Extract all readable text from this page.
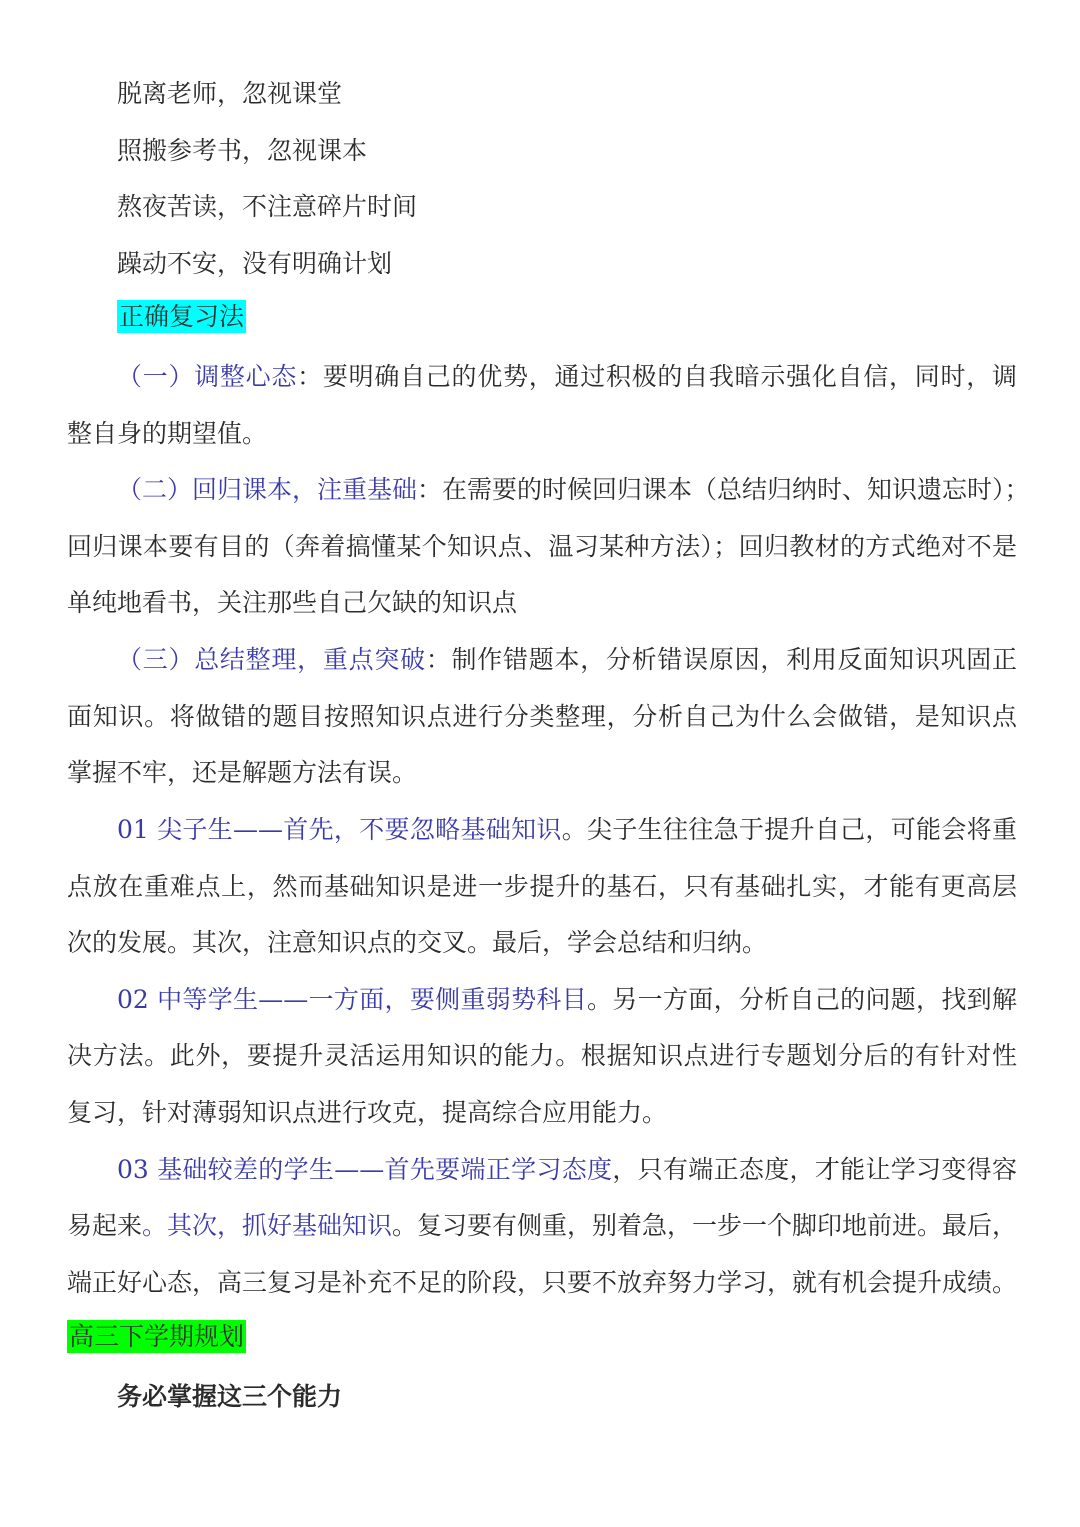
脱离老师，忽视课堂
照搬参考书，忽视课本
熬夜苦读，不注意碎片时间
躁动不安，没有明确计划
正确复习法
（一）调整心态：要明确自己的优势，通过积极的自我暗示强化自信，同时，调
整自身的期望值。
（二）回归课本，注重基础：在需要的时候回归课本（总结归纳时、知识遗忘时）；
回归课本要有目的（奔着搞懂某个知识点、温习某种方法）；回归教材的方式绝对不是
单纯地看书，关注那些自己欠缺的知识点
（三）总结整理，重点突破：制作错题本，分析错误原因，利用反面知识巩固正
面知识。将做错的题目按照知识点进行分类整理，分析自己为什么会做错，是知识点
掌握不牢，还是解题方法有误。
01 尖子生——首先，不要忽略基础知识。尖子生往往急于提升自己，可能会将重
点放在重难点上，然而基础知识是进一步提升的基石，只有基础扎实，才能有更高层
次的发展。其次，注意知识点的交叉。最后，学会总结和归纳。
02 中等学生——一方面，要侧重弱势科目。另一方面，分析自己的问题，找到解
决方法。此外，要提升灵活运用知识的能力。根据知识点进行专题划分后的有针对性
复习，针对薄弱知识点进行攻克，提高综合应用能力。
03 基础较差的学生——首先要端正学习态度，只有端正态度，才能让学习变得容
易起来。其次，抓好基础知识。复习要有侧重，别着急，一步一个脚印地前进。最后，
端正好心态，高三复习是补充不足的阶段，只要不放弃努力学习，就有机会提升成绩。
高三下学期规划
务必掌握这三个能力
